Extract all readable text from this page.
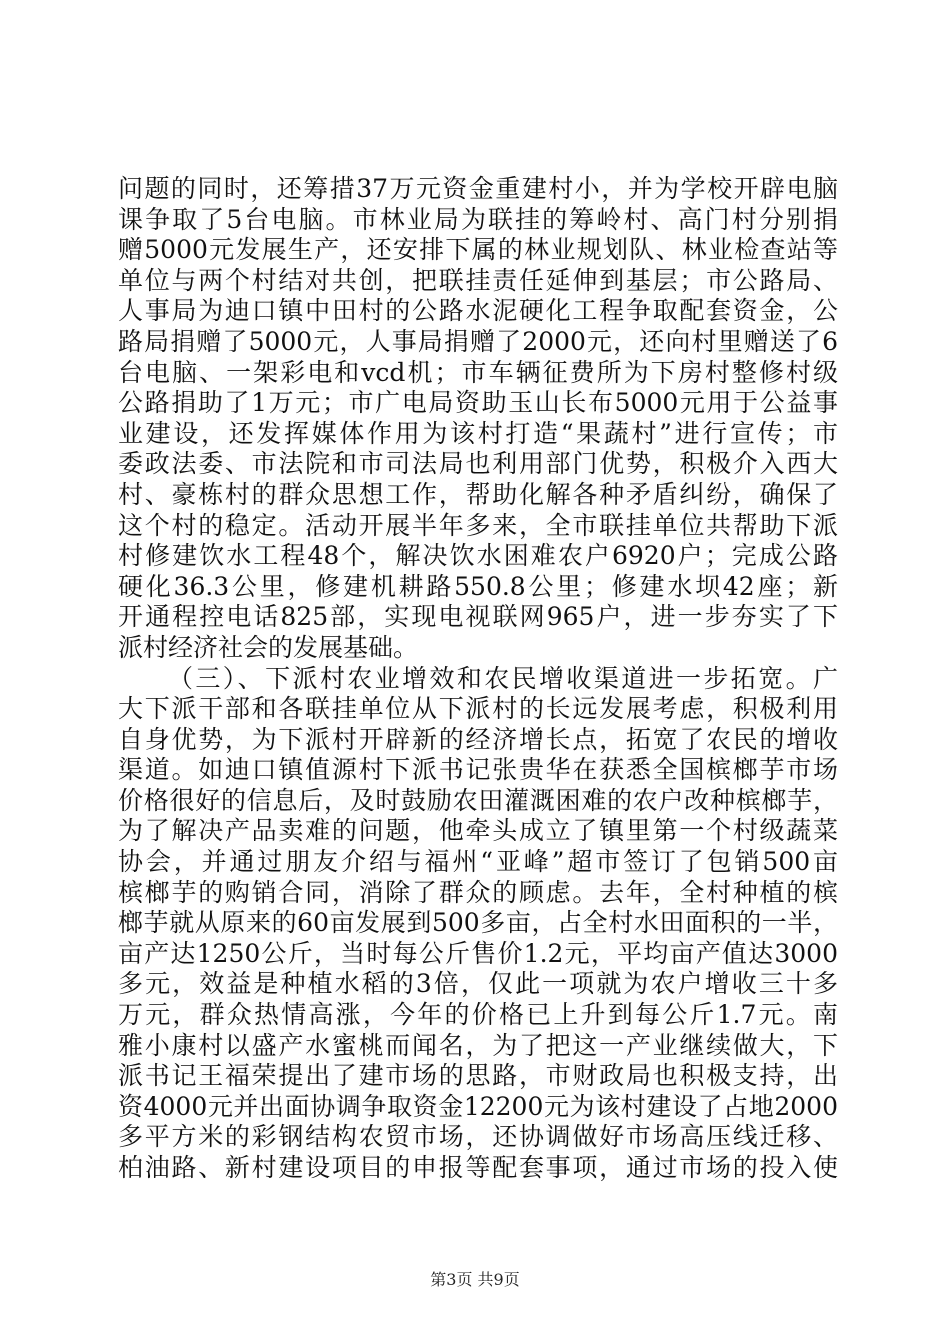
问题的同时，还筹措37万元资金重建村小，并为学校开辟电脑
课争取了5台电脑。市林业局为联挂的筹岭村、高门村分别捐
赠5000元发展生产，还安排下属的林业规划队、林业检查站等
单位与两个村结对共创，把联挂责任延伸到基层；市公路局、
人事局为迪口镇中田村的公路水泥硬化工程争取配套资金，公
路局捐赠了5000元，人事局捐赠了2000元，还向村里赠送了6
台电脑、一架彩电和vcd机；市车辆征费所为下房村整修村级
公路捐助了1万元；市广电局资助玉山长布5000元用于公益事
业建设，还发挥媒体作用为该村打造“果蔬村”进行宣传；市
委政法委、市法院和市司法局也利用部门优势，积极介入西大
村、豪栋村的群众思想工作，帮助化解各种矛盾纠纷，确保了
这个村的稳定。活动开展半年多来，全市联挂单位共帮助下派
村修建饮水工程48个，解决饮水困难农户6920户；完成公路
硬化36.3公里，修建机耕路550.8公里；修建水坝42座；新
开通程控电话825部，实现电视联网965户，进一步夯实了下
派村经济社会的发展基础。
（三）、下派村农业增效和农民增收渠道进一步拓宽。广
大下派干部和各联挂单位从下派村的长远发展考虑，积极利用
自身优势，为下派村开辟新的经济增长点，拓宽了农民的增收
渠道。如迪口镇值源村下派书记张贵华在获悉全国槟榔芋市场
价格很好的信息后，及时鼓励农田灌溉困难的农户改种槟榔芋，
为了解决产品卖难的问题，他牵头成立了镇里第一个村级蔬菜
协会，并通过朋友介绍与福州“亚峰”超市签订了包销500亩
槟榔芋的购销合同，消除了群众的顾虑。去年，全村种植的槟
榔芋就从原来的60亩发展到500多亩，占全村水田面积的一半，
亩产达1250公斤，当时每公斤售价1.2元，平均亩产值达3000
多元，效益是种植水稻的3倍，仅此一项就为农户增收三十多
万元，群众热情高涨，今年的价格已上升到每公斤1.7元。南
雅小康村以盛产水蜜桃而闻名，为了把这一产业继续做大，下
派书记王福荣提出了建市场的思路，市财政局也积极支持，出
资4000元并出面协调争取资金12200元为该村建设了占地2000
多平方米的彩钢结构农贸市场，还协调做好市场高压线迁移、
柏油路、新村建设项目的申报等配套事项，通过市场的投入使
第3页 共9页
